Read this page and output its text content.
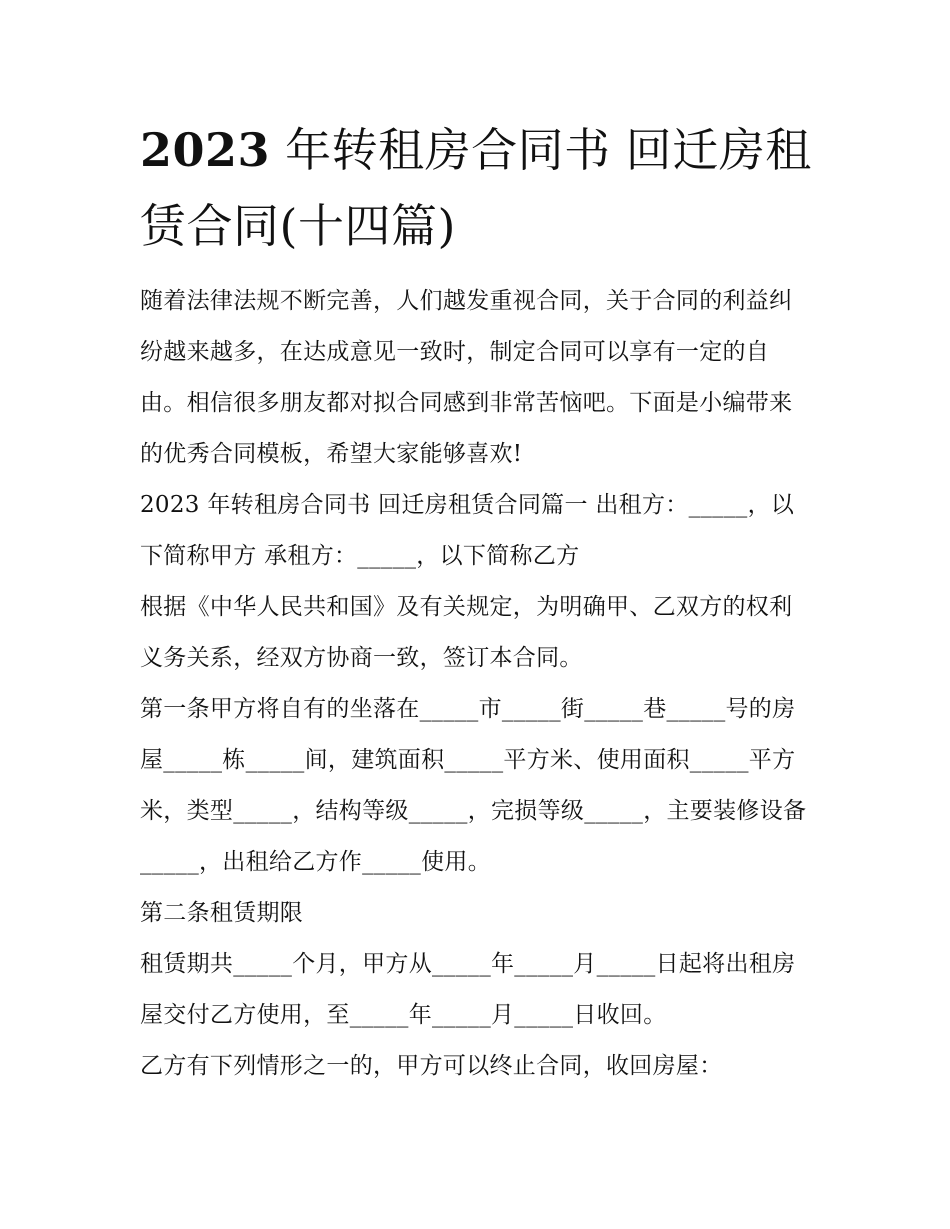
2023 年转租房合同书 回迁房租赁合同(十四篇)

随着法律法规不断完善，人们越发重视合同，关于合同的利益纠纷越来越多，在达成意见一致时，制定合同可以享有一定的自由。相信很多朋友都对拟合同感到非常苦恼吧。下面是小编带来的优秀合同模板，希望大家能够喜欢!

2023 年转租房合同书 回迁房租赁合同篇一 出租方：_____，以下简称甲方 承租方：_____，以下简称乙方

根据《中华人民共和国》及有关规定，为明确甲、乙双方的权利义务关系，经双方协商一致，签订本合同。

第一条甲方将自有的坐落在_____市_____街_____巷_____号的房屋_____栋_____间，建筑面积_____平方米、使用面积_____平方米，类型_____，结构等级_____，完损等级_____，主要装修设备_____，出租给乙方作_____使用。

第二条租赁期限

租赁期共_____个月，甲方从_____年_____月_____日起将出租房屋交付乙方使用，至_____年_____月_____日收回。

乙方有下列情形之一的，甲方可以终止合同，收回房屋：
